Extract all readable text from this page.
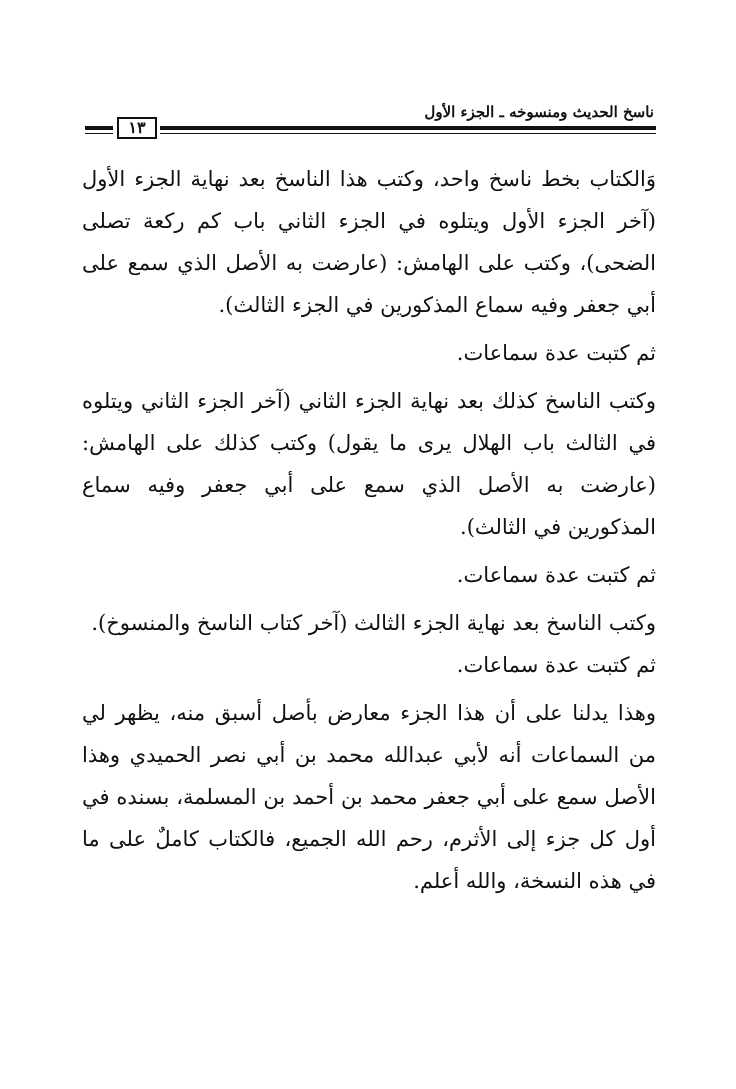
ناسخ الحديث ومنسوخه ـ الجزء الأول
١٣

وَالكتاب بخط ناسخ واحد، وكتب هذا الناسخ بعد نهاية الجزء الأول (آخر الجزء الأول ويتلوه في الجزء الثاني باب كم ركعة تصلى الضحى)، وكتب على الهامش: (عارضت به الأصل الذي سمع على أبي جعفر وفيه سماع المذكورين في الجزء الثالث).

ثم كتبت عدة سماعات.

وكتب الناسخ كذلك بعد نهاية الجزء الثاني (آخر الجزء الثاني ويتلوه في الثالث باب الهلال يرى ما يقول) وكتب كذلك على الهامش: (عارضت به الأصل الذي سمع على أبي جعفر وفيه سماع المذكورين في الثالث).

ثم كتبت عدة سماعات.

وكتب الناسخ بعد نهاية الجزء الثالث (آخر كتاب الناسخ والمنسوخ).

ثم كتبت عدة سماعات.

وهذا يدلنا على أن هذا الجزء معارض بأصل أسبق منه، يظهر لي من السماعات أنه لأبي عبدالله محمد بن أبي نصر الحميدي وهذا الأصل سمع على أبي جعفر محمد بن أحمد بن المسلمة، بسنده في أول كل جزء إلى الأثرم، رحم الله الجميع، فالكتاب كاملٌ على ما في هذه النسخة، والله أعلم.
